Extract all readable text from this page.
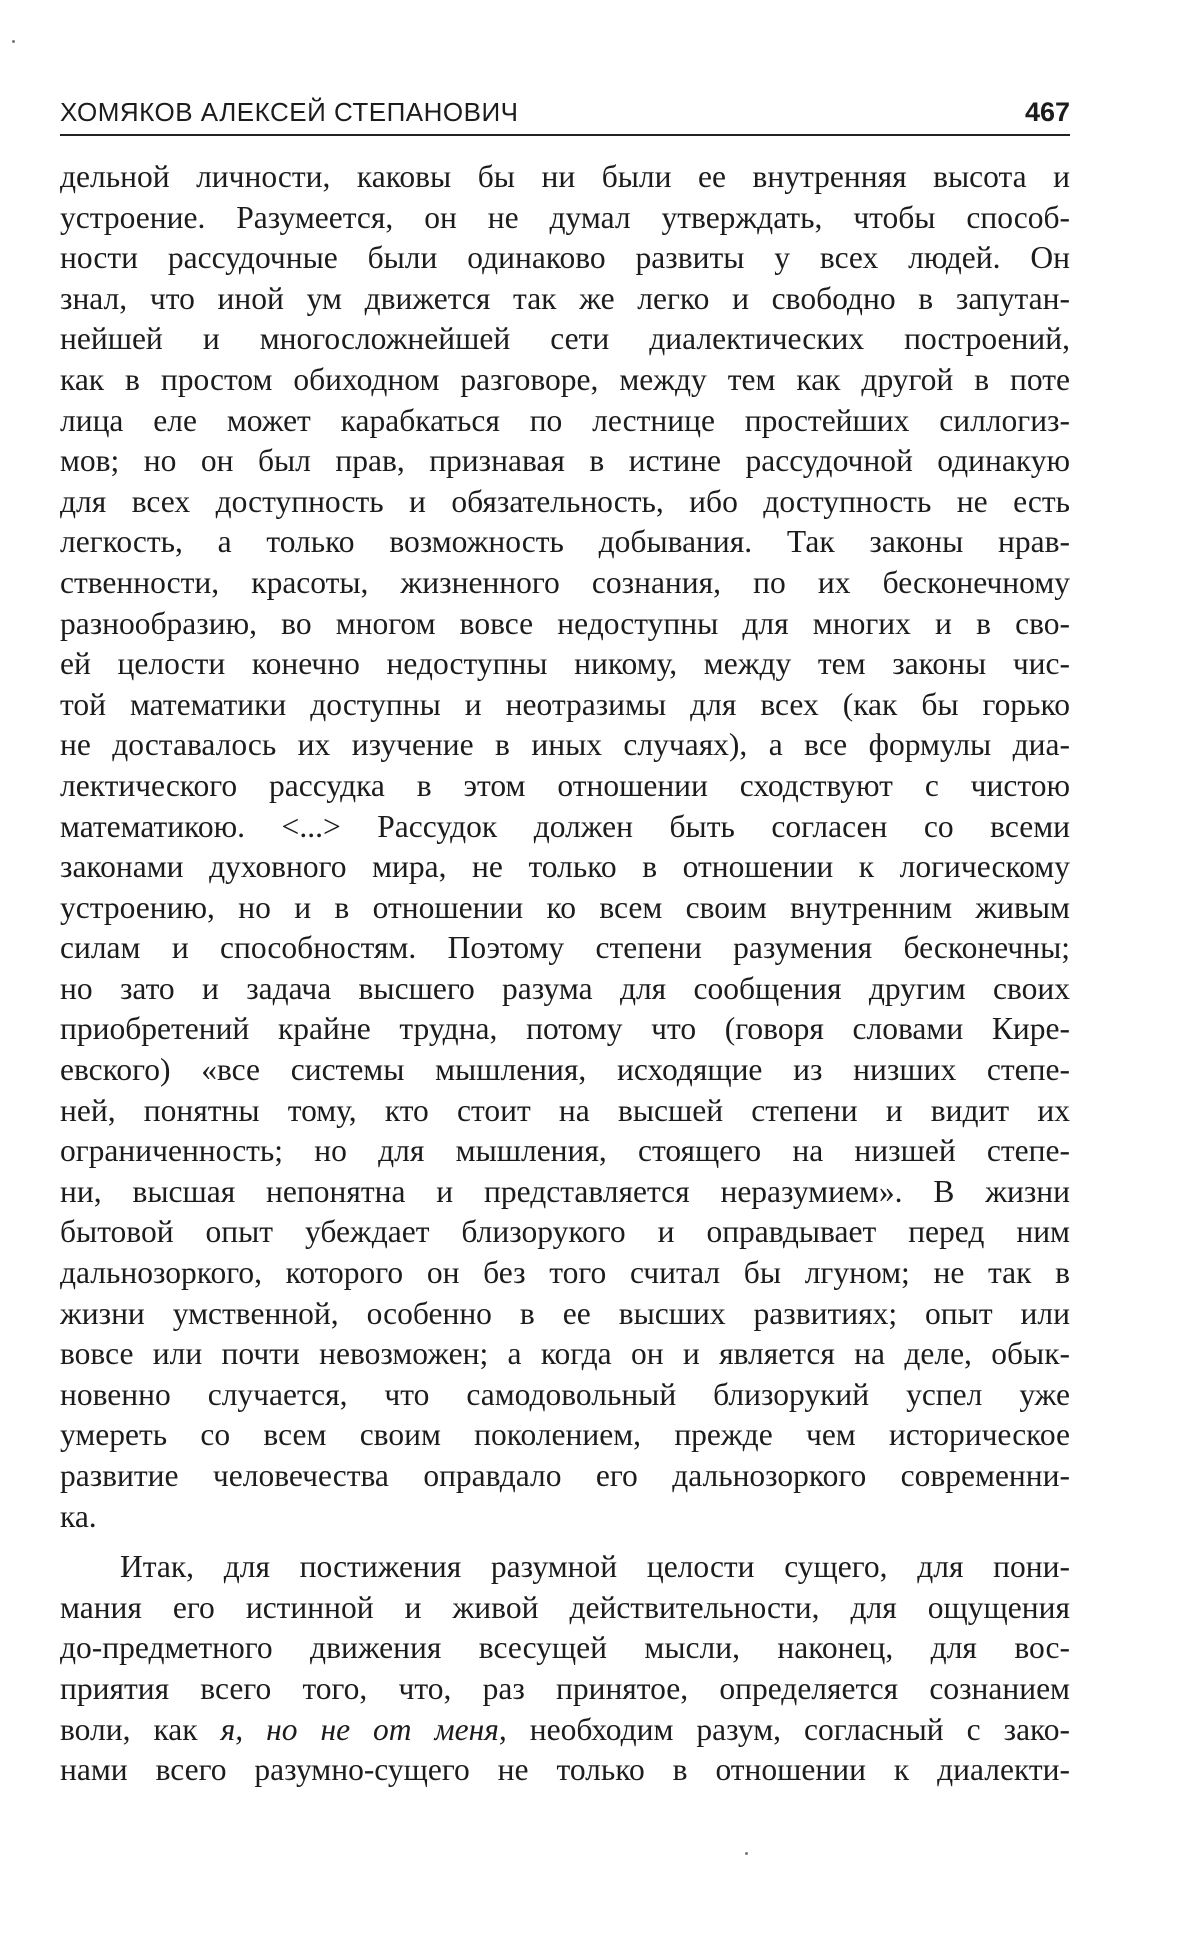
ХОМЯКОВ АЛЕКСЕЙ СТЕПАНОВИЧ	467
дельной личности, каковы бы ни были ее внутренняя высота и
устроение. Разумеется, он не думал утверждать, чтобы способ-
ности рассудочные были одинаково развиты у всех людей. Он
знал, что иной ум движется так же легко и свободно в запутан-
нейшей и многосложнейшей сети диалектических построений,
как в простом обиходном разговоре, между тем как другой в поте
лица еле может карабкаться по лестнице простейших силлогиз-
мов; но он был прав, признавая в истине рассудочной одинакую
для всех доступность и обязательность, ибо доступность не есть
легкость, а только возможность добывания. Так законы нрав-
ственности, красоты, жизненного сознания, по их бесконечному
разнообразию, во многом вовсе недоступны для многих и в сво-
ей целости конечно недоступны никому, между тем законы чис-
той математики доступны и неотразимы для всех (как бы горько
не доставалось их изучение в иных случаях), а все формулы диа-
лектического рассудка в этом отношении сходствуют с чистою
математикою. <...> Рассудок должен быть согласен со всеми
законами духовного мира, не только в отношении к логическому
устроению, но и в отношении ко всем своим внутренним живым
силам и способностям. Поэтому степени разумения бесконечны;
но зато и задача высшего разума для сообщения другим своих
приобретений крайне трудна, потому что (говоря словами Кире-
евского) «все системы мышления, исходящие из низших степе-
ней, понятны тому, кто стоит на высшей степени и видит их
ограниченность; но для мышления, стоящего на низшей степе-
ни, высшая непонятна и представляется неразумием». В жизни
бытовой опыт убеждает близорукого и оправдывает перед ним
дальнозоркого, которого он без того считал бы лгуном; не так в
жизни умственной, особенно в ее высших развитиях; опыт или
вовсе или почти невозможен; а когда он и является на деле, обык-
новенно случается, что самодовольный близорукий успел уже
умереть со всем своим поколением, прежде чем историческое
развитие человечества оправдало его дальнозоркого современни-
ка.
Итак, для постижения разумной целости сущего, для пони-
мания его истинной и живой действительности, для ощущения
до-предметного движения всесущей мысли, наконец, для вос-
приятия всего того, что, раз принятое, определяется сознанием
воли, как я, но не от меня, необходим разум, согласный с зако-
нами всего разумно-сущего не только в отношении к диалекти-
